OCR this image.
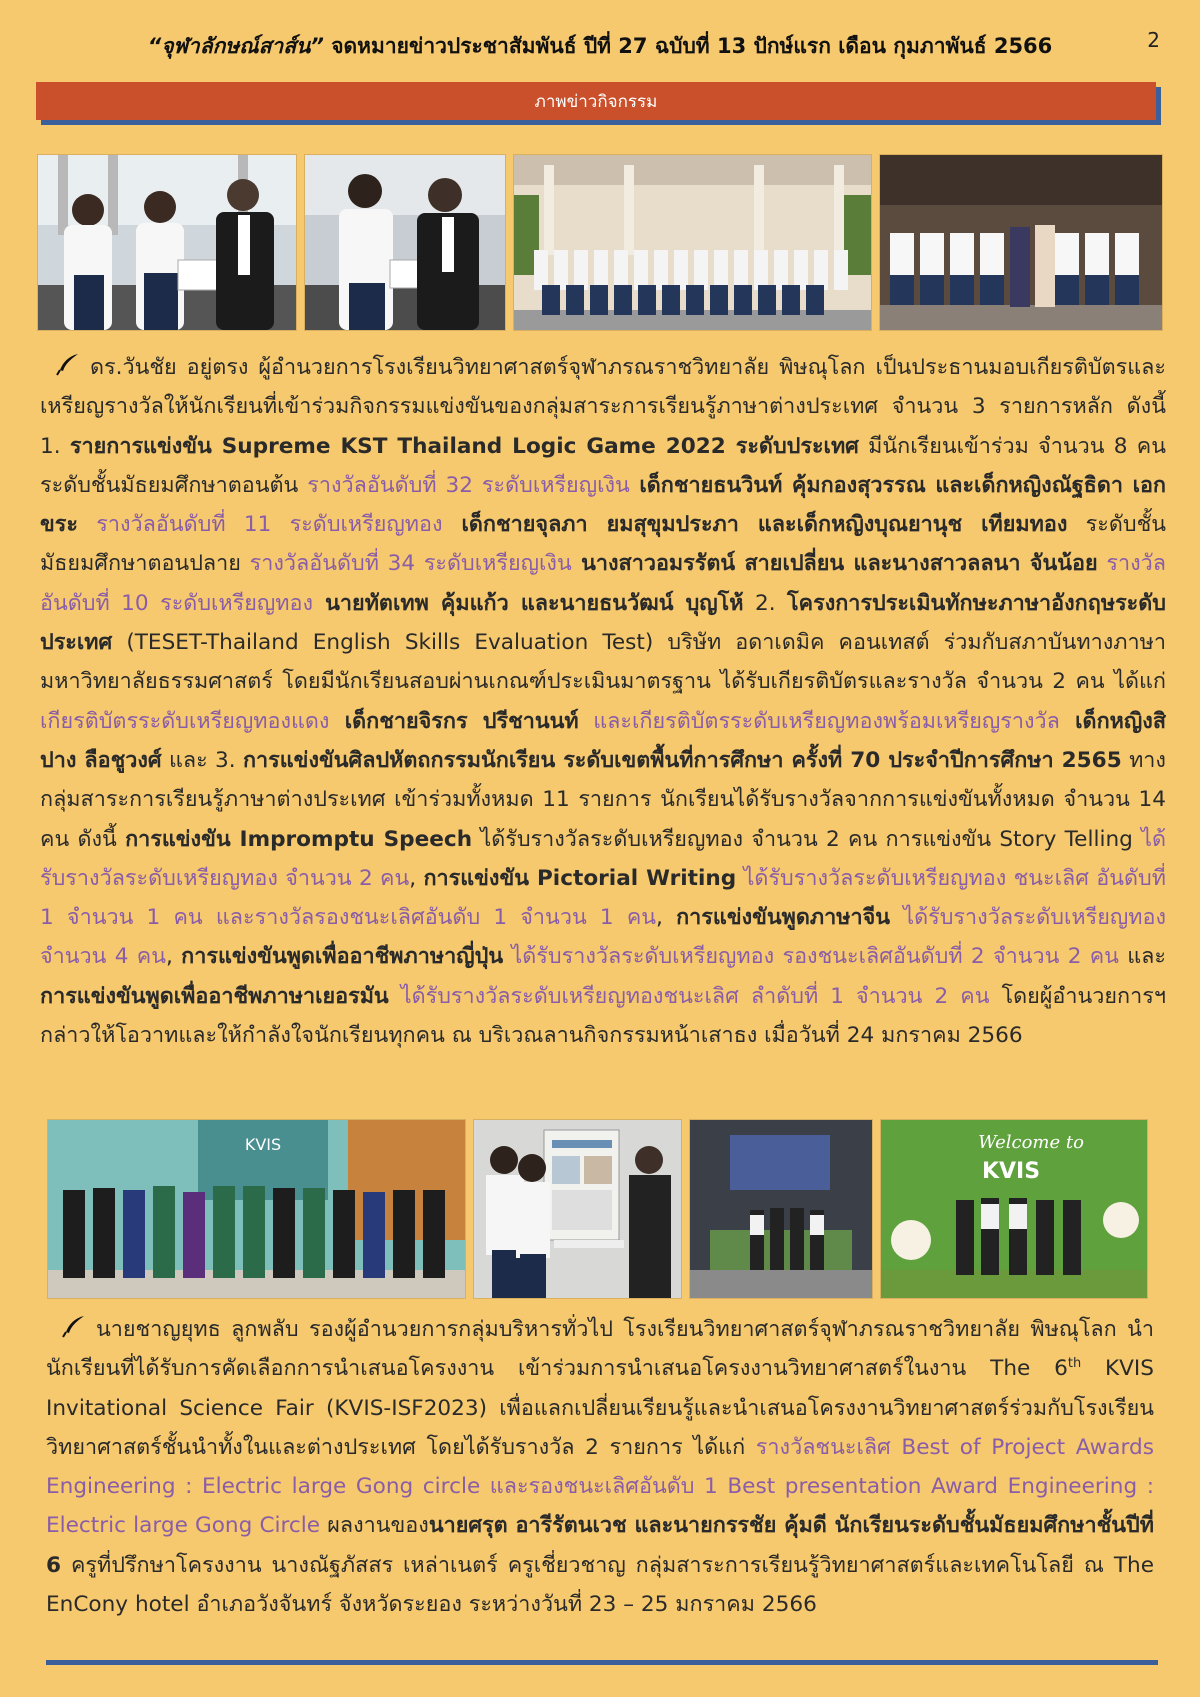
“จุฬาลักษณ์สาส์น” จดหมายข่าวประชาสัมพันธ์ ปีที่ 27 ฉบับที่ 13 ปักษ์แรก เดือน กุมภาพันธ์ 2566	2
ภาพข่าวกิจกรรม
ดร.วันชัย อยู่ตรง ผู้อำนวยการโรงเรียนวิทยาศาสตร์จุฬาภรณราชวิทยาลัย พิษณุโลก เป็นประธานมอบเกียรติบัตรและเหรียญรางวัลให้นักเรียนที่เข้าร่วมกิจกรรมแข่งขันของกลุ่มสาระการเรียนรู้ภาษาต่างประเทศ จำนวน 3 รายการหลัก ดังนี้ 1. รายการแข่งขัน Supreme KST Thailand Logic Game 2022 ระดับประเทศ มีนักเรียนเข้าร่วม จำนวน 8 คน ระดับชั้นมัธยมศึกษาตอนต้น รางวัลอันดับที่ 32 ระดับเหรียญเงิน เด็กชายธนวินท์ คุ้มกองสุวรรณ และเด็กหญิงณัฐธิดา เอกขระ รางวัลอันดับที่ 11 ระดับเหรียญทอง เด็กชายจุลภา ยมสุขุมประภา และเด็กหญิงบุณยานุช เทียมทอง ระดับชั้นมัธยมศึกษาตอนปลาย รางวัลอันดับที่ 34 ระดับเหรียญเงิน นางสาวอมรรัตน์ สายเปลี่ยน และนางสาวลลนา จันน้อย รางวัลอันดับที่ 10 ระดับเหรียญทอง นายทัตเทพ คุ้มแก้ว และนายธนวัฒน์ บุญโห้ 2. โครงการประเมินทักษะภาษาอังกฤษระดับประเทศ (TESET-Thailand English Skills Evaluation Test) บริษัท อดาเดมิค คอนเทสต์ ร่วมกับสภาบันทางภาษามหาวิทยาลัยธรรมศาสตร์ โดยมีนักเรียนสอบผ่านเกณฑ์ประเมินมาตรฐาน ได้รับเกียรติบัตรและรางวัล จำนวน 2 คน ได้แก่ เกียรติบัตรระดับเหรียญทองแดง เด็กชายจิรกร ปรีชานนท์ และเกียรติบัตรระดับเหรียญทองพร้อมเหรียญรางวัล เด็กหญิงสิปาง ลือชูวงศ์ และ 3. การแข่งขันศิลปหัตถกรรมนักเรียน ระดับเขตพื้นที่การศึกษา ครั้งที่ 70 ประจำปีการศึกษา 2565 ทางกลุ่มสาระการเรียนรู้ภาษาต่างประเทศ เข้าร่วมทั้งหมด 11 รายการ นักเรียนได้รับรางวัลจากการแข่งขันทั้งหมด จำนวน 14 คน ดังนี้ การแข่งขัน Impromptu Speech ได้รับรางวัลระดับเหรียญทอง จำนวน 2 คน การแข่งขัน Story Telling ได้รับรางวัลระดับเหรียญทอง จำนวน 2 คน, การแข่งขัน Pictorial Writing ได้รับรางวัลระดับเหรียญทอง ชนะเลิศ อันดับที่ 1 จำนวน 1 คน และรางวัลรองชนะเลิศอันดับ 1 จำนวน 1 คน, การแข่งขันพูดภาษาจีน ได้รับรางวัลระดับเหรียญทอง จำนวน 4 คน, การแข่งขันพูดเพื่ออาชีพภาษาญี่ปุ่น ได้รับรางวัลระดับเหรียญทอง รองชนะเลิศอันดับที่ 2 จำนวน 2 คน และการแข่งขันพูดเพื่ออาชีพภาษาเยอรมัน ได้รับรางวัลระดับเหรียญทองชนะเลิศ ลำดับที่ 1 จำนวน 2 คน โดยผู้อำนวยการฯ กล่าวให้โอวาทและให้กำลังใจนักเรียนทุกคน ณ บริเวณลานกิจกรรมหน้าเสาธง เมื่อวันที่ 24 มกราคม 2566
KVIS	Welcome to
KVIS
นายชาญยุทธ ลูกพลับ รองผู้อำนวยการกลุ่มบริหารทั่วไป โรงเรียนวิทยาศาสตร์จุฬาภรณราชวิทยาลัย พิษณุโลก นำนักเรียนที่ได้รับการคัดเลือกการนำเสนอโครงงาน เข้าร่วมการนำเสนอโครงงานวิทยาศาสตร์ในงาน The 6th KVIS Invitational Science Fair (KVIS-ISF2023) เพื่อแลกเปลี่ยนเรียนรู้และนำเสนอโครงงานวิทยาศาสตร์ร่วมกับโรงเรียนวิทยาศาสตร์ชั้นนำทั้งในและต่างประเทศ โดยได้รับรางวัล 2 รายการ ได้แก่ รางวัลชนะเลิศ Best of Project Awards Engineering : Electric large Gong circle และรองชนะเลิศอันดับ 1 Best presentation Award Engineering : Electric large Gong Circle ผลงานของนายศรุต อารีรัตนเวช และนายกรรชัย คุ้มดี นักเรียนระดับชั้นมัธยมศึกษาชั้นปีที่ 6 ครูที่ปรึกษาโครงงาน นางณัฐภัสสร เหล่าเนตร์ ครูเชี่ยวชาญ กลุ่มสาระการเรียนรู้วิทยาศาสตร์และเทคโนโลยี ณ The EnCony hotel อำเภอวังจันทร์ จังหวัดระยอง ระหว่างวันที่ 23 – 25 มกราคม 2566
